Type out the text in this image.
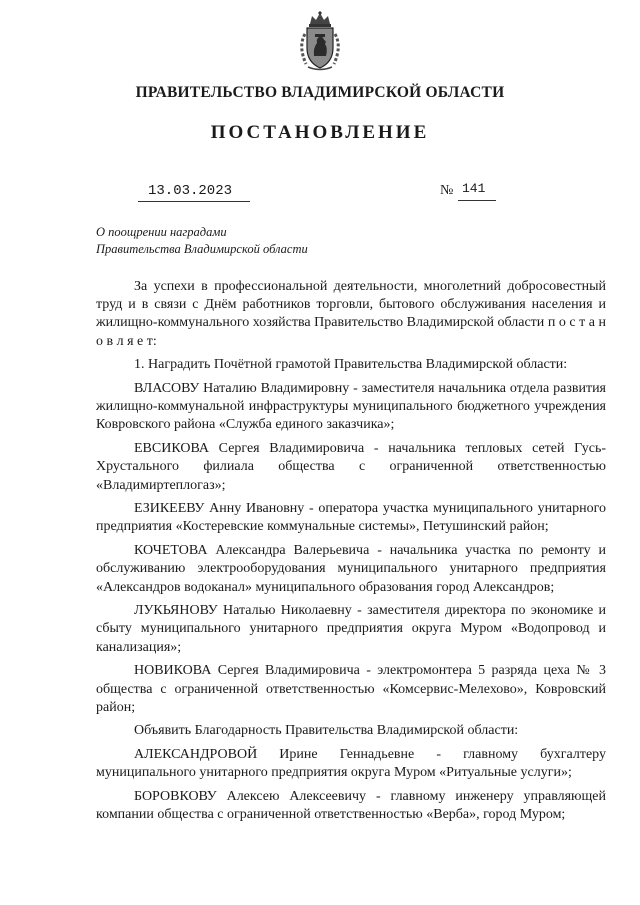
ПРАВИТЕЛЬСТВО ВЛАДИМИРСКОЙ ОБЛАСТИ
ПОСТАНОВЛЕНИЕ
13.03.2023	№ 141
О поощрении наградами
Правительства Владимирской области

За успехи в профессиональной деятельности, многолетний добросовестный труд и в связи с Днём работников торговли, бытового обслуживания населения и жилищно-коммунального хозяйства Правительство Владимирской области п о с т а н о в л я е т:

1. Наградить Почётной грамотой Правительства Владимирской области:

ВЛАСОВУ Наталию Владимировну - заместителя начальника отдела развития жилищно-коммунальной инфраструктуры муниципального бюджетного учреждения Ковровского района «Служба единого заказчика»;

ЕВСИКОВА Сергея Владимировича - начальника тепловых сетей Гусь-Хрустального филиала общества с ограниченной ответственностью «Владимиртеплогаз»;

ЕЗИКЕЕВУ Анну Ивановну - оператора участка муниципального унитарного предприятия «Костеревские коммунальные системы», Петушинский район;

КОЧЕТОВА Александра Валерьевича - начальника участка по ремонту и обслуживанию электрооборудования муниципального унитарного предприятия «Александров водоканал» муниципального образования город Александров;

ЛУКЬЯНОВУ Наталью Николаевну - заместителя директора по экономике и сбыту муниципального унитарного предприятия округа Муром «Водопровод и канализация»;

НОВИКОВА Сергея Владимировича - электромонтера 5 разряда цеха № 3 общества с ограниченной ответственностью «Комсервис-Мелехово», Ковровский район;

Объявить Благодарность Правительства Владимирской области:

АЛЕКСАНДРОВОЙ Ирине Геннадьевне - главному бухгалтеру муниципального унитарного предприятия округа Муром «Ритуальные услуги»;

БОРОВКОВУ Алексею Алексеевичу - главному инженеру управляющей компании общества с ограниченной ответственностью «Верба», город Муром;
